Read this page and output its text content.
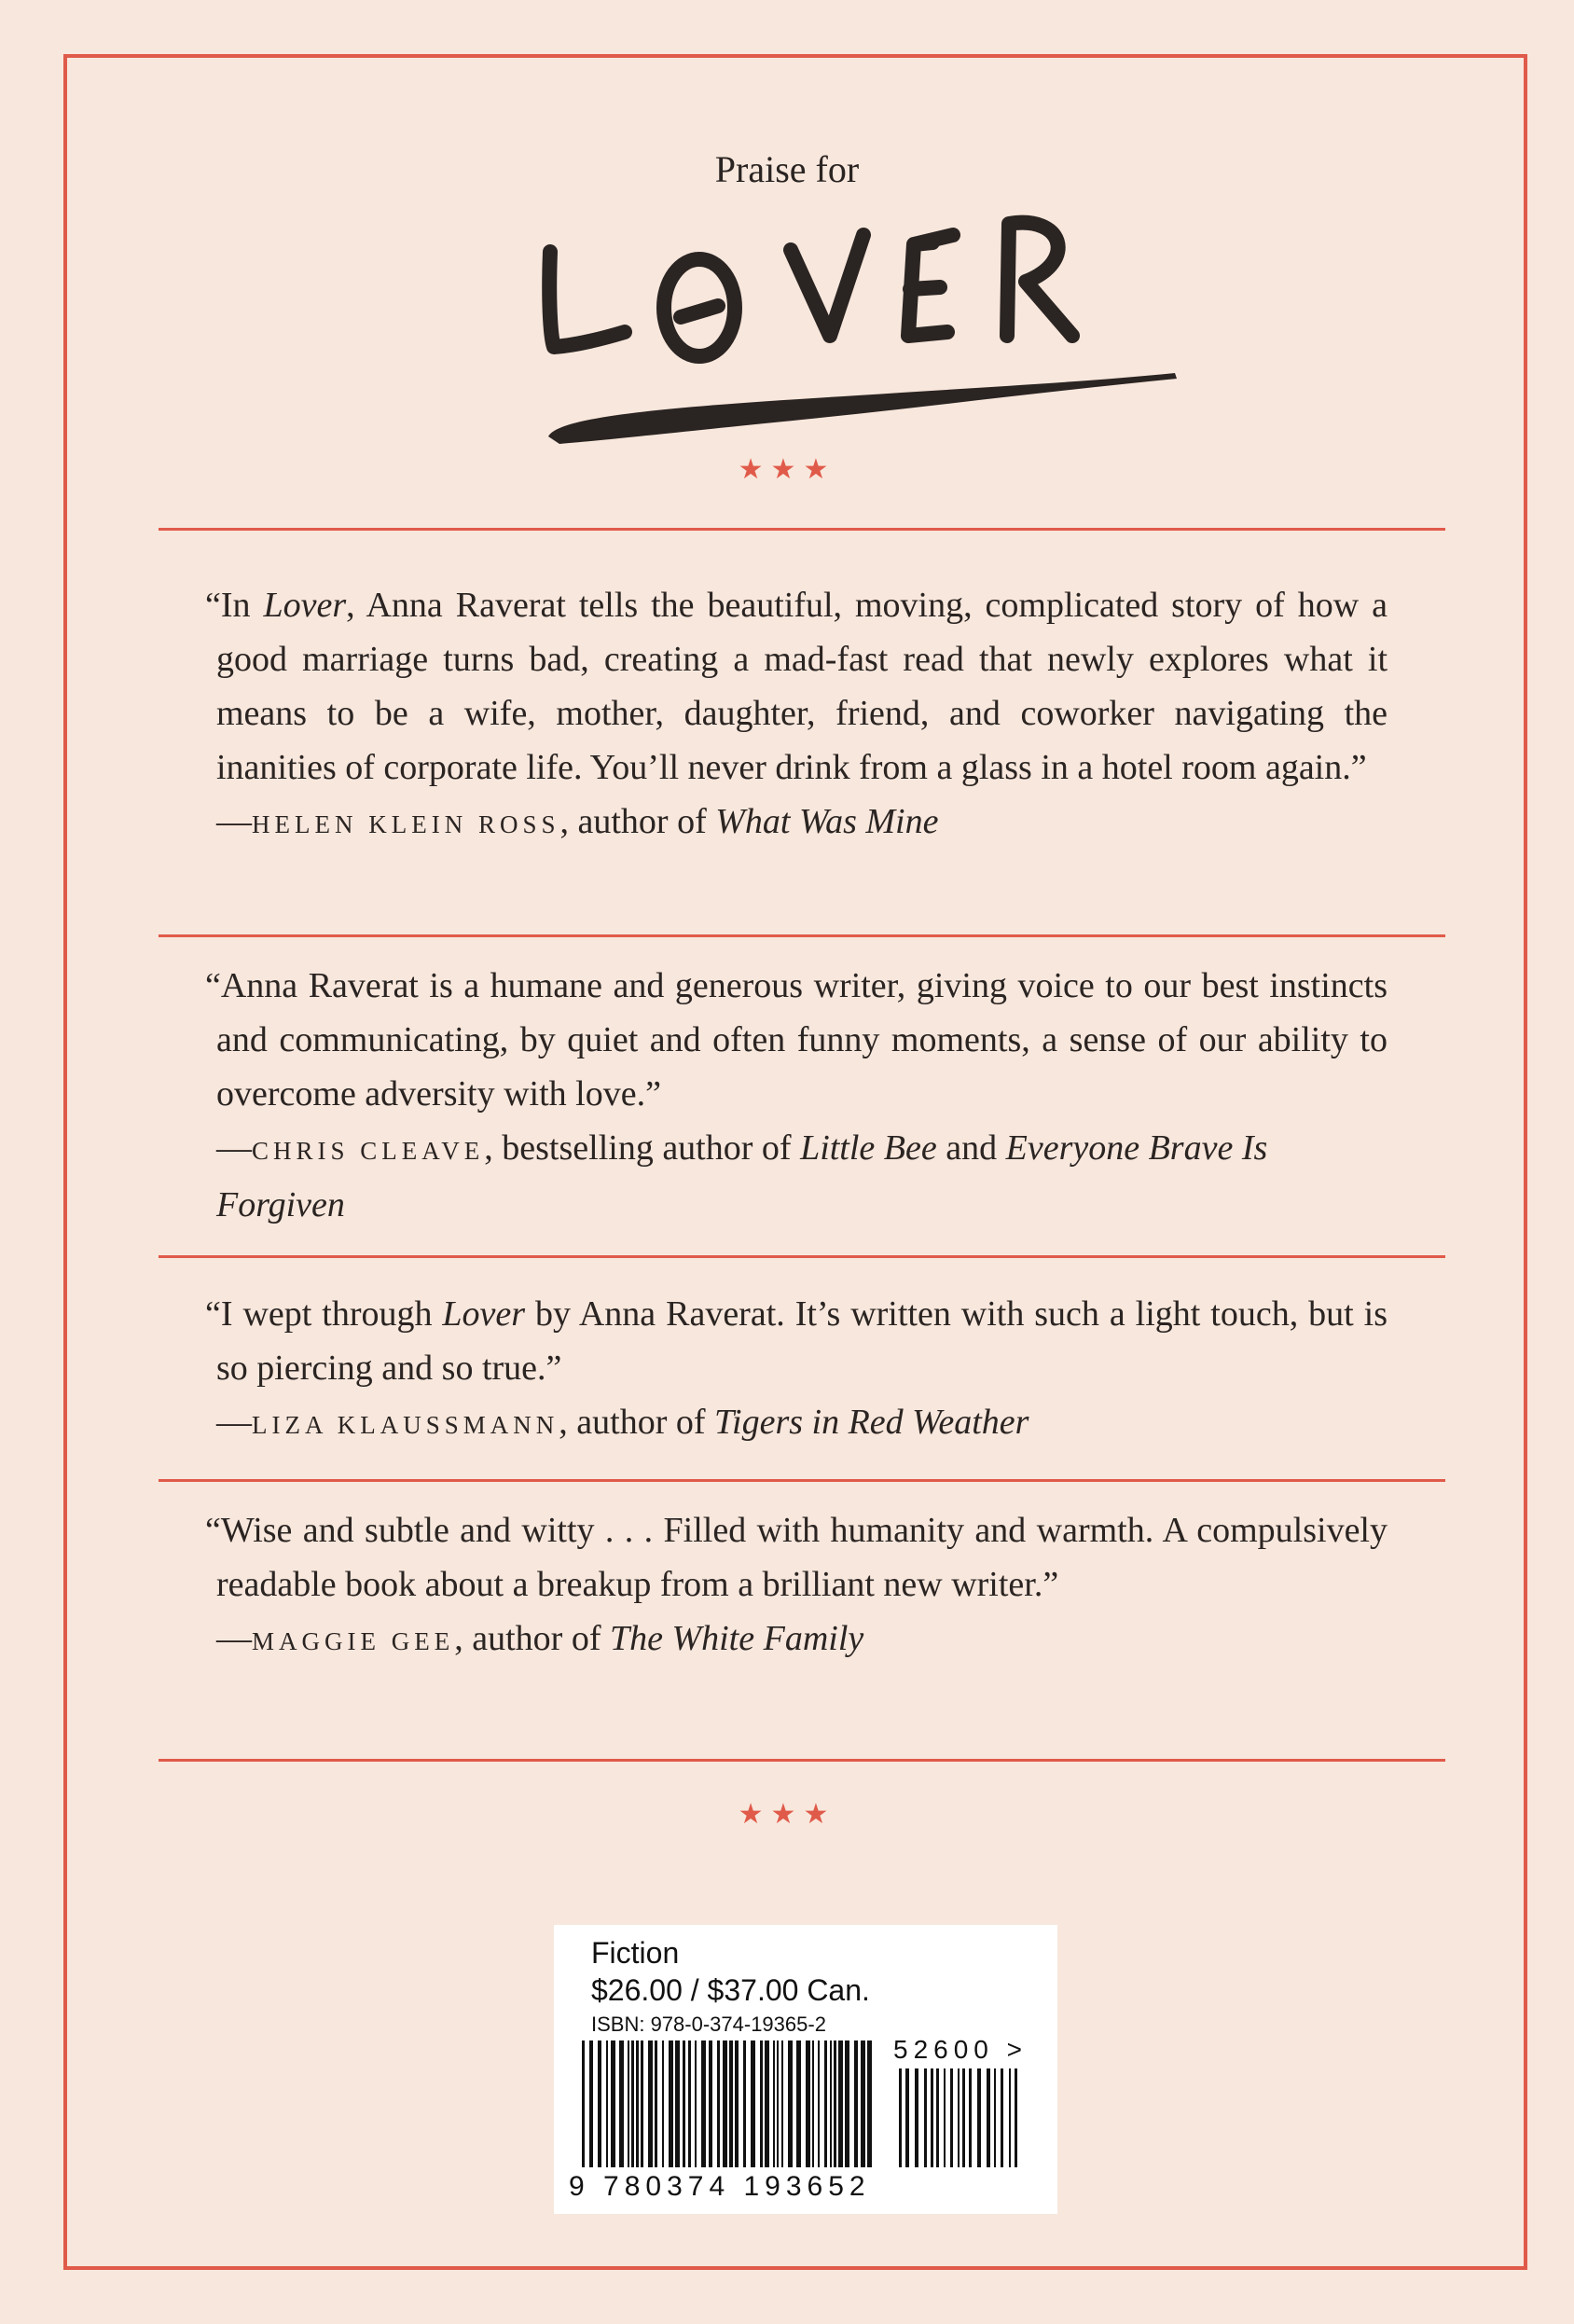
Praise for
★★★

“In Lover, Anna Raverat tells the beautiful, moving, complicated story of how a good marriage turns bad, creating a mad-fast read that newly explores what it means to be a wife, mother, daughter, friend, and coworker navigating the inanities of corporate life. You’ll never drink from a glass in a hotel room again.”

—HELEN KLEIN ROSS, author of What Was Mine

“Anna Raverat is a humane and generous writer, giving voice to our best instincts and communicating, by quiet and often funny moments, a sense of our ability to overcome adversity with love.”

—CHRIS CLEAVE, bestselling author of Little Bee and Everyone Brave Is Forgiven

“I wept through Lover by Anna Raverat. It’s written with such a light touch, but is so piercing and so true.”

—LIZA KLAUSSMANN, author of Tigers in Red Weather

“Wise and subtle and witty . . . Filled with humanity and warmth. A compulsively readable book about a breakup from a brilliant new writer.”

—MAGGIE GEE, author of The White Family

★★★
Fiction
$26.00 / $37.00 Can.
ISBN: 978-0-374-19365-2
52600 >
9 780374 193652
